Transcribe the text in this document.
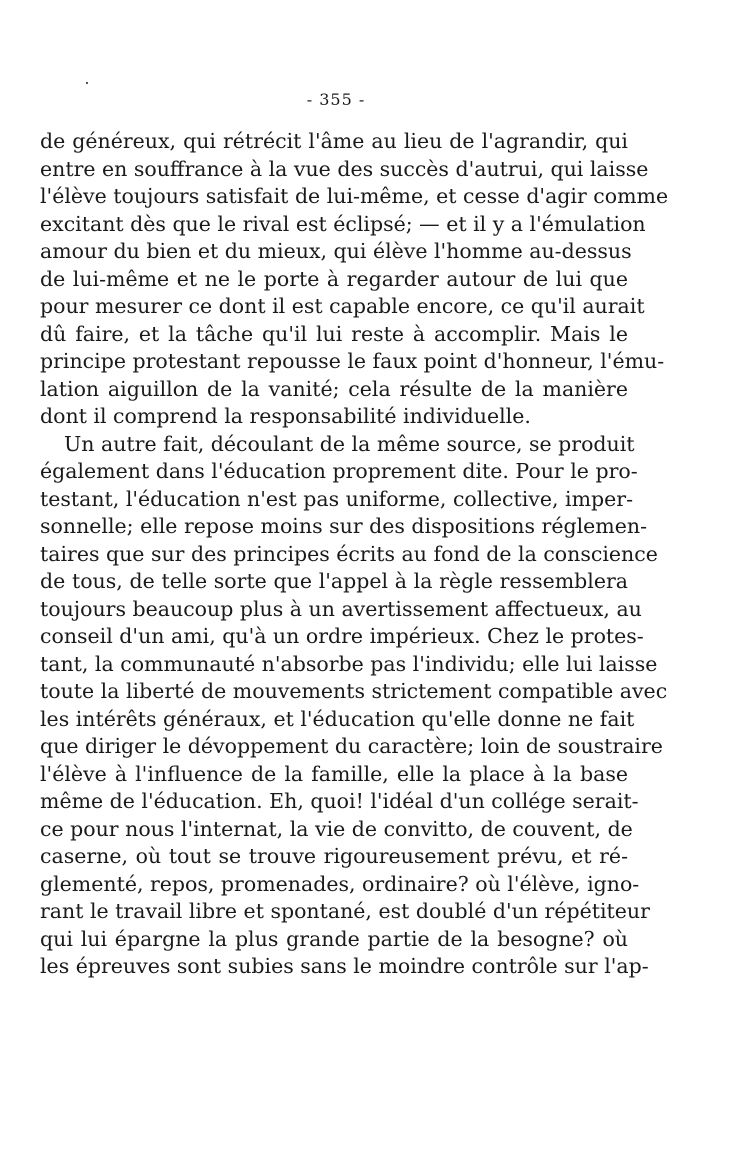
- 355 -
de généreux, qui rétrécit l'âme au lieu de l'agrandir, qui
entre en souffrance à la vue des succès d'autrui, qui laisse
l'élève toujours satisfait de lui-même, et cesse d'agir comme
excitant dès que le rival est éclipsé; — et il y a l'émulation
amour du bien et du mieux, qui élève l'homme au-dessus
de lui-même et ne le porte à regarder autour de lui que
pour mesurer ce dont il est capable encore, ce qu'il aurait
dû faire, et la tâche qu'il lui reste à accomplir. Mais le
principe protestant repousse le faux point d'honneur, l'ému-
lation aiguillon de la vanité; cela résulte de la manière
dont il comprend la responsabilité individuelle.
Un autre fait, découlant de la même source, se produit
également dans l'éducation proprement dite. Pour le pro-
testant, l'éducation n'est pas uniforme, collective, imper-
sonnelle; elle repose moins sur des dispositions réglemen-
taires que sur des principes écrits au fond de la conscience
de tous, de telle sorte que l'appel à la règle ressemblera
toujours beaucoup plus à un avertissement affectueux, au
conseil d'un ami, qu'à un ordre impérieux. Chez le protes-
tant, la communauté n'absorbe pas l'individu; elle lui laisse
toute la liberté de mouvements strictement compatible avec
les intérêts généraux, et l'éducation qu'elle donne ne fait
que diriger le dévoppement du caractère; loin de soustraire
l'élève à l'influence de la famille, elle la place à la base
même de l'éducation. Eh, quoi! l'idéal d'un collége serait-
ce pour nous l'internat, la vie de convitto, de couvent, de
caserne, où tout se trouve rigoureusement prévu, et ré-
glementé, repos, promenades, ordinaire? où l'élève, igno-
rant le travail libre et spontané, est doublé d'un répétiteur
qui lui épargne la plus grande partie de la besogne? où
les épreuves sont subies sans le moindre contrôle sur l'ap-
